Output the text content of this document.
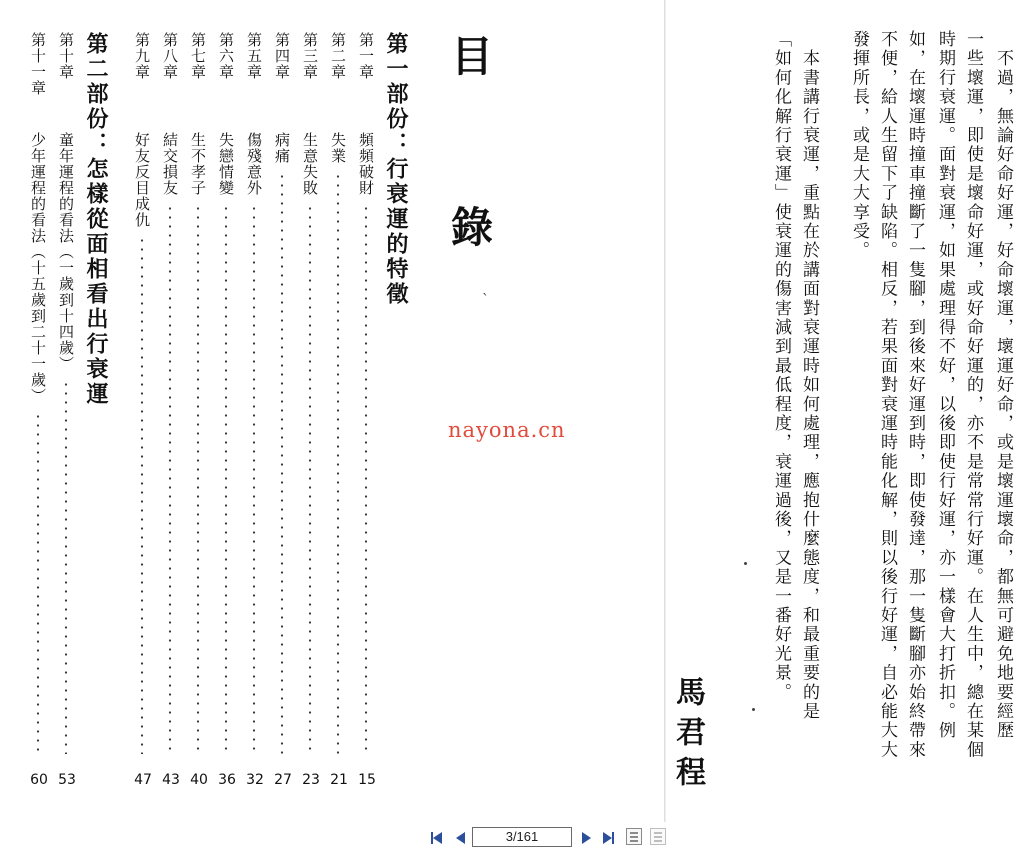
目 錄
第一部份：行衰運的特徵
第二部份：怎樣從面相看出行衰運	第一章
頻頻破財
15
第二章
失業
21
第三章
生意失敗
23
第四章
病痛
27
第五章
傷殘意外
32
第六章
失戀情變
36
第七章
生不孝子
40
第八章
結交損友
43
第九章
好友反目成仇
47
第十章
童年運程的看法（一歲到十四歲）
53
第十一章
少年運程的看法（十五歲到二十一歲）
60
`	　不過，無論好命好運，好命壞運，壞運好命，或是壞運壞命，都無可避免地要經歷
一些壞運，即使是壞命好運，或好命好運的，亦不是常常行好運。在人生中，總在某個
時期行衰運。面對衰運，如果處理得不好，以後即使行好運，亦一樣會大打折扣。例
如，在壞運時撞車撞斷了一隻腳，到後來好運到時，即使發達，那一隻斷腳亦始終帶來
不便，給人生留下了缺陷。相反，若果面對衰運時能化解，則以後行好運，自必能大大
發揮所長，或是大大享受。
　本書講行衰運，重點在於講面對衰運時如何處理，應抱什麼態度，和最重要的是
「如何化解行衰運」使衰運的傷害減到最低程度，衰運過後，又是一番好光景。
馬君程
nayona.cn
3/161
